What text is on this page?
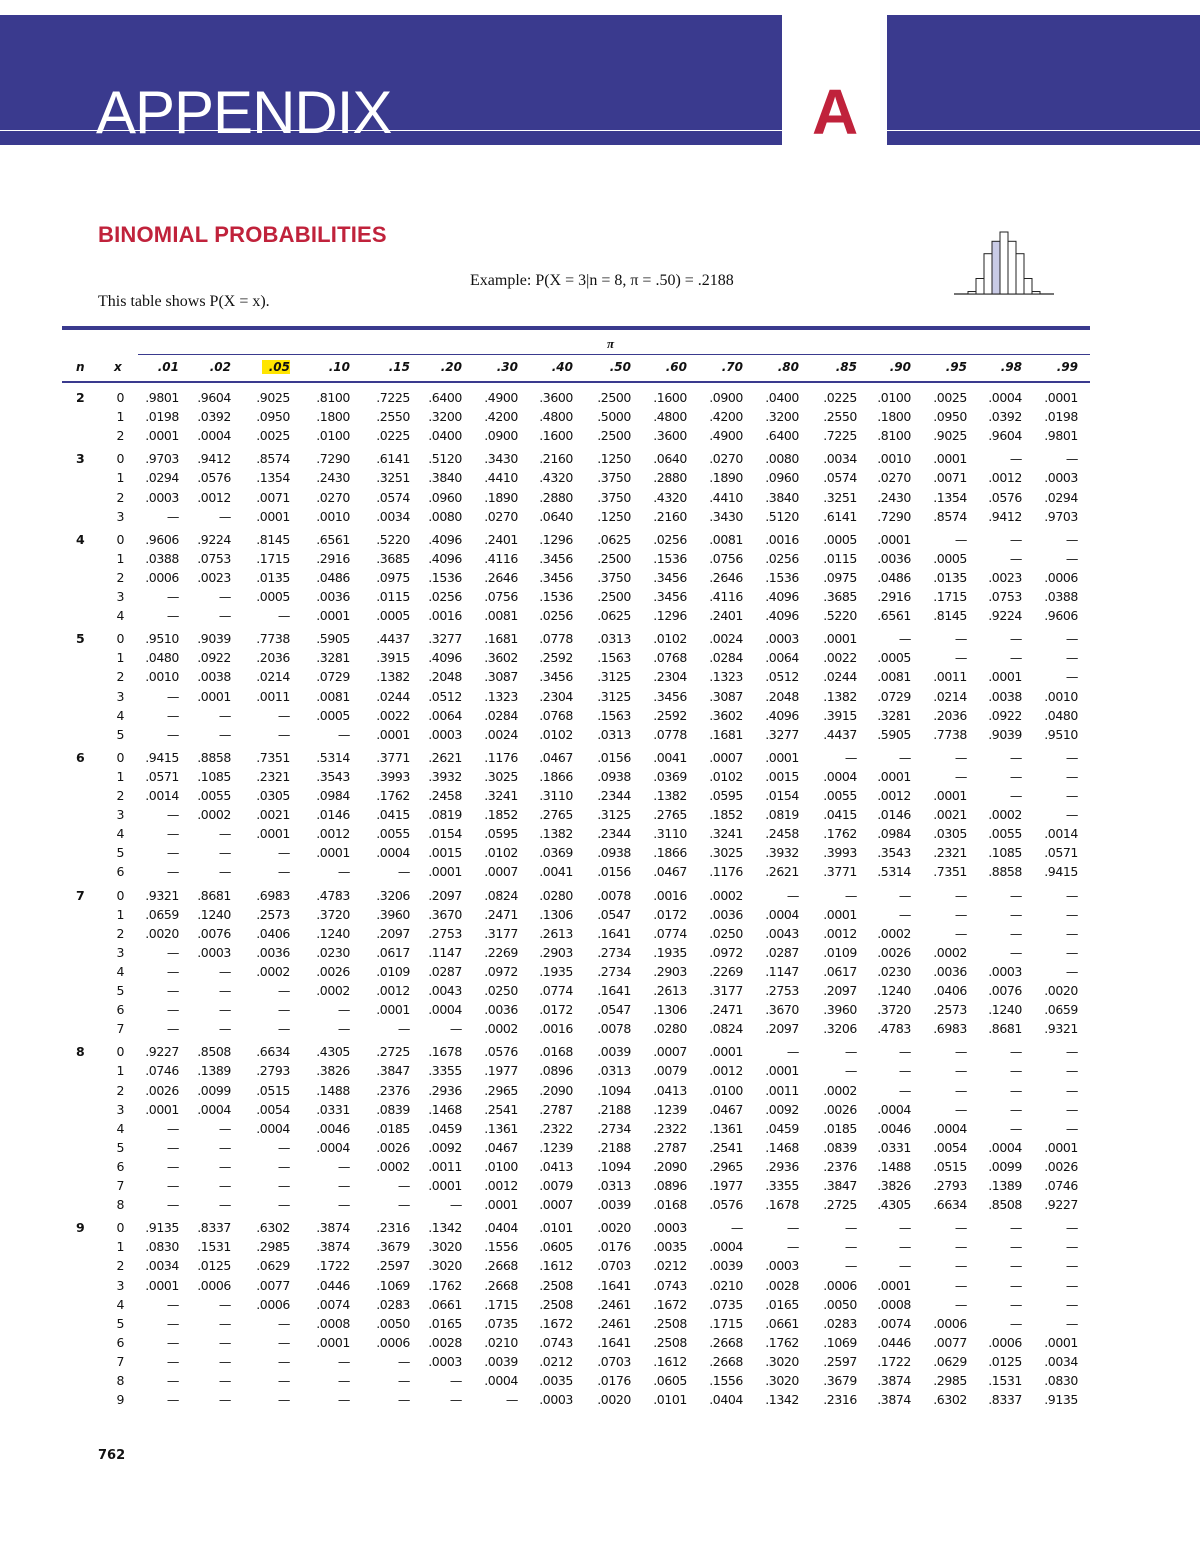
APPENDIX	A
BINOMIAL PROBABILITIES
Example: P(X = 3|n = 8, π = .50) = .2188
This table shows P(X = x).
π
n	x	.01	.02	.05	.10	.15	.20	.30	.40	.50	.60	.70	.80	.85	.90	.95	.98	.99
2	0	.9801	.9604	.9025	.8100	.7225	.6400	.4900	.3600	.2500	.1600	.0900	.0400	.0225	.0100	.0025	.0004	.0001
1	.0198	.0392	.0950	.1800	.2550	.3200	.4200	.4800	.5000	.4800	.4200	.3200	.2550	.1800	.0950	.0392	.0198
2	.0001	.0004	.0025	.0100	.0225	.0400	.0900	.1600	.2500	.3600	.4900	.6400	.7225	.8100	.9025	.9604	.9801
3	0	.9703	.9412	.8574	.7290	.6141	.5120	.3430	.2160	.1250	.0640	.0270	.0080	.0034	.0010	.0001	—	—
1	.0294	.0576	.1354	.2430	.3251	.3840	.4410	.4320	.3750	.2880	.1890	.0960	.0574	.0270	.0071	.0012	.0003
2	.0003	.0012	.0071	.0270	.0574	.0960	.1890	.2880	.3750	.4320	.4410	.3840	.3251	.2430	.1354	.0576	.0294
3	—	—	.0001	.0010	.0034	.0080	.0270	.0640	.1250	.2160	.3430	.5120	.6141	.7290	.8574	.9412	.9703
4	0	.9606	.9224	.8145	.6561	.5220	.4096	.2401	.1296	.0625	.0256	.0081	.0016	.0005	.0001	—	—	—
1	.0388	.0753	.1715	.2916	.3685	.4096	.4116	.3456	.2500	.1536	.0756	.0256	.0115	.0036	.0005	—	—
2	.0006	.0023	.0135	.0486	.0975	.1536	.2646	.3456	.3750	.3456	.2646	.1536	.0975	.0486	.0135	.0023	.0006
3	—	—	.0005	.0036	.0115	.0256	.0756	.1536	.2500	.3456	.4116	.4096	.3685	.2916	.1715	.0753	.0388
4	—	—	—	.0001	.0005	.0016	.0081	.0256	.0625	.1296	.2401	.4096	.5220	.6561	.8145	.9224	.9606
5	0	.9510	.9039	.7738	.5905	.4437	.3277	.1681	.0778	.0313	.0102	.0024	.0003	.0001	—	—	—	—
1	.0480	.0922	.2036	.3281	.3915	.4096	.3602	.2592	.1563	.0768	.0284	.0064	.0022	.0005	—	—	—
2	.0010	.0038	.0214	.0729	.1382	.2048	.3087	.3456	.3125	.2304	.1323	.0512	.0244	.0081	.0011	.0001	—
3	—	.0001	.0011	.0081	.0244	.0512	.1323	.2304	.3125	.3456	.3087	.2048	.1382	.0729	.0214	.0038	.0010
4	—	—	—	.0005	.0022	.0064	.0284	.0768	.1563	.2592	.3602	.4096	.3915	.3281	.2036	.0922	.0480
5	—	—	—	—	.0001	.0003	.0024	.0102	.0313	.0778	.1681	.3277	.4437	.5905	.7738	.9039	.9510
6	0	.9415	.8858	.7351	.5314	.3771	.2621	.1176	.0467	.0156	.0041	.0007	.0001	—	—	—	—	—
1	.0571	.1085	.2321	.3543	.3993	.3932	.3025	.1866	.0938	.0369	.0102	.0015	.0004	.0001	—	—	—
2	.0014	.0055	.0305	.0984	.1762	.2458	.3241	.3110	.2344	.1382	.0595	.0154	.0055	.0012	.0001	—	—
3	—	.0002	.0021	.0146	.0415	.0819	.1852	.2765	.3125	.2765	.1852	.0819	.0415	.0146	.0021	.0002	—
4	—	—	.0001	.0012	.0055	.0154	.0595	.1382	.2344	.3110	.3241	.2458	.1762	.0984	.0305	.0055	.0014
5	—	—	—	.0001	.0004	.0015	.0102	.0369	.0938	.1866	.3025	.3932	.3993	.3543	.2321	.1085	.0571
6	—	—	—	—	—	.0001	.0007	.0041	.0156	.0467	.1176	.2621	.3771	.5314	.7351	.8858	.9415
7	0	.9321	.8681	.6983	.4783	.3206	.2097	.0824	.0280	.0078	.0016	.0002	—	—	—	—	—	—
1	.0659	.1240	.2573	.3720	.3960	.3670	.2471	.1306	.0547	.0172	.0036	.0004	.0001	—	—	—	—
2	.0020	.0076	.0406	.1240	.2097	.2753	.3177	.2613	.1641	.0774	.0250	.0043	.0012	.0002	—	—	—
3	—	.0003	.0036	.0230	.0617	.1147	.2269	.2903	.2734	.1935	.0972	.0287	.0109	.0026	.0002	—	—
4	—	—	.0002	.0026	.0109	.0287	.0972	.1935	.2734	.2903	.2269	.1147	.0617	.0230	.0036	.0003	—
5	—	—	—	.0002	.0012	.0043	.0250	.0774	.1641	.2613	.3177	.2753	.2097	.1240	.0406	.0076	.0020
6	—	—	—	—	.0001	.0004	.0036	.0172	.0547	.1306	.2471	.3670	.3960	.3720	.2573	.1240	.0659
7	—	—	—	—	—	—	.0002	.0016	.0078	.0280	.0824	.2097	.3206	.4783	.6983	.8681	.9321
8	0	.9227	.8508	.6634	.4305	.2725	.1678	.0576	.0168	.0039	.0007	.0001	—	—	—	—	—	—
1	.0746	.1389	.2793	.3826	.3847	.3355	.1977	.0896	.0313	.0079	.0012	.0001	—	—	—	—	—
2	.0026	.0099	.0515	.1488	.2376	.2936	.2965	.2090	.1094	.0413	.0100	.0011	.0002	—	—	—	—
3	.0001	.0004	.0054	.0331	.0839	.1468	.2541	.2787	.2188	.1239	.0467	.0092	.0026	.0004	—	—	—
4	—	—	.0004	.0046	.0185	.0459	.1361	.2322	.2734	.2322	.1361	.0459	.0185	.0046	.0004	—	—
5	—	—	—	.0004	.0026	.0092	.0467	.1239	.2188	.2787	.2541	.1468	.0839	.0331	.0054	.0004	.0001
6	—	—	—	—	.0002	.0011	.0100	.0413	.1094	.2090	.2965	.2936	.2376	.1488	.0515	.0099	.0026
7	—	—	—	—	—	.0001	.0012	.0079	.0313	.0896	.1977	.3355	.3847	.3826	.2793	.1389	.0746
8	—	—	—	—	—	—	.0001	.0007	.0039	.0168	.0576	.1678	.2725	.4305	.6634	.8508	.9227
9	0	.9135	.8337	.6302	.3874	.2316	.1342	.0404	.0101	.0020	.0003	—	—	—	—	—	—	—
1	.0830	.1531	.2985	.3874	.3679	.3020	.1556	.0605	.0176	.0035	.0004	—	—	—	—	—	—
2	.0034	.0125	.0629	.1722	.2597	.3020	.2668	.1612	.0703	.0212	.0039	.0003	—	—	—	—	—
3	.0001	.0006	.0077	.0446	.1069	.1762	.2668	.2508	.1641	.0743	.0210	.0028	.0006	.0001	—	—	—
4	—	—	.0006	.0074	.0283	.0661	.1715	.2508	.2461	.1672	.0735	.0165	.0050	.0008	—	—	—
5	—	—	—	.0008	.0050	.0165	.0735	.1672	.2461	.2508	.1715	.0661	.0283	.0074	.0006	—	—
6	—	—	—	.0001	.0006	.0028	.0210	.0743	.1641	.2508	.2668	.1762	.1069	.0446	.0077	.0006	.0001
7	—	—	—	—	—	.0003	.0039	.0212	.0703	.1612	.2668	.3020	.2597	.1722	.0629	.0125	.0034
8	—	—	—	—	—	—	.0004	.0035	.0176	.0605	.1556	.3020	.3679	.3874	.2985	.1531	.0830
9	—	—	—	—	—	—	—	.0003	.0020	.0101	.0404	.1342	.2316	.3874	.6302	.8337	.9135
762
